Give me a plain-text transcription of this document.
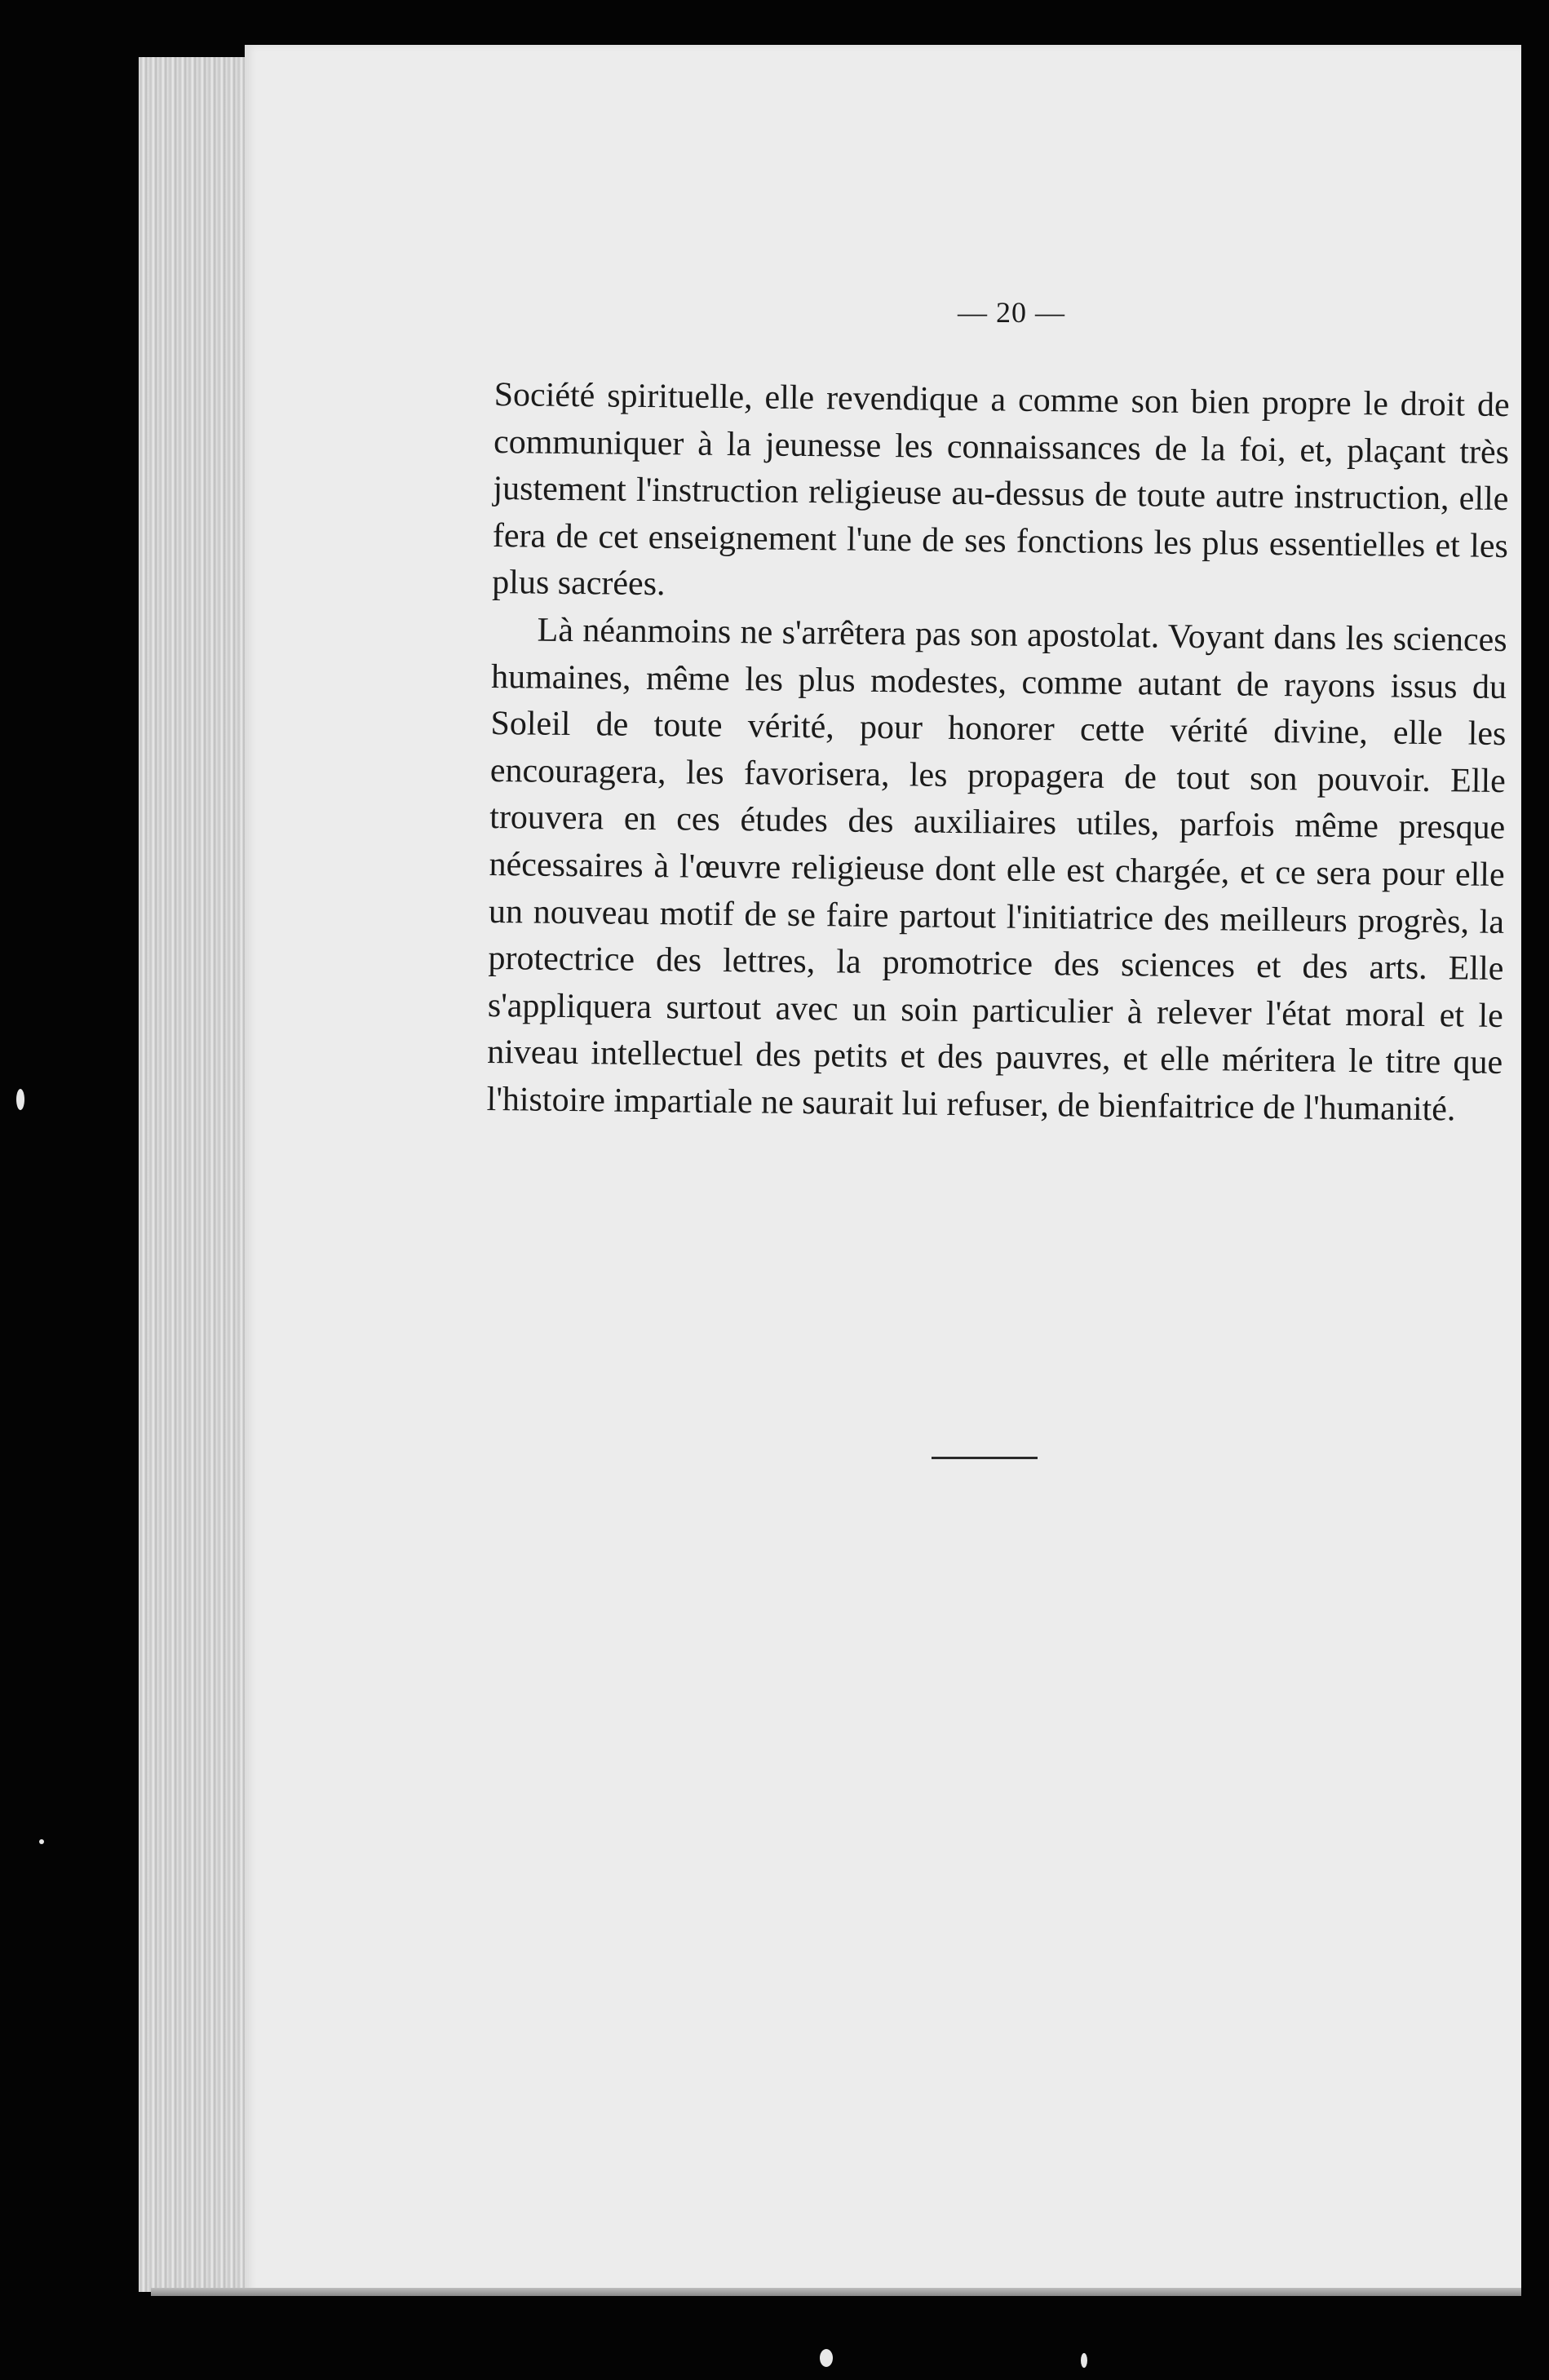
— 20 —

Société spirituelle, elle revendique a comme son bien propre le droit de communiquer à la jeunesse les connaissances de la foi, et, plaçant très justement l'instruction religieuse au-dessus de toute autre instruction, elle fera de cet enseignement l'une de ses fonctions les plus essentielles et les plus sacrées.

Là néanmoins ne s'arrêtera pas son apostolat. Voyant dans les sciences humaines, même les plus modestes, comme autant de rayons issus du Soleil de toute vérité, pour honorer cette vérité divine, elle les encouragera, les favorisera, les propagera de tout son pouvoir. Elle trouvera en ces études des auxiliaires utiles, parfois même presque nécessaires à l'œuvre religieuse dont elle est chargée, et ce sera pour elle un nouveau motif de se faire partout l'initiatrice des meilleurs progrès, la protectrice des lettres, la promotrice des sciences et des arts. Elle s'appliquera surtout avec un soin particulier à relever l'état moral et le niveau intellectuel des petits et des pauvres, et elle méritera le titre que l'histoire impartiale ne saurait lui refuser, de bienfaitrice de l'humanité.
